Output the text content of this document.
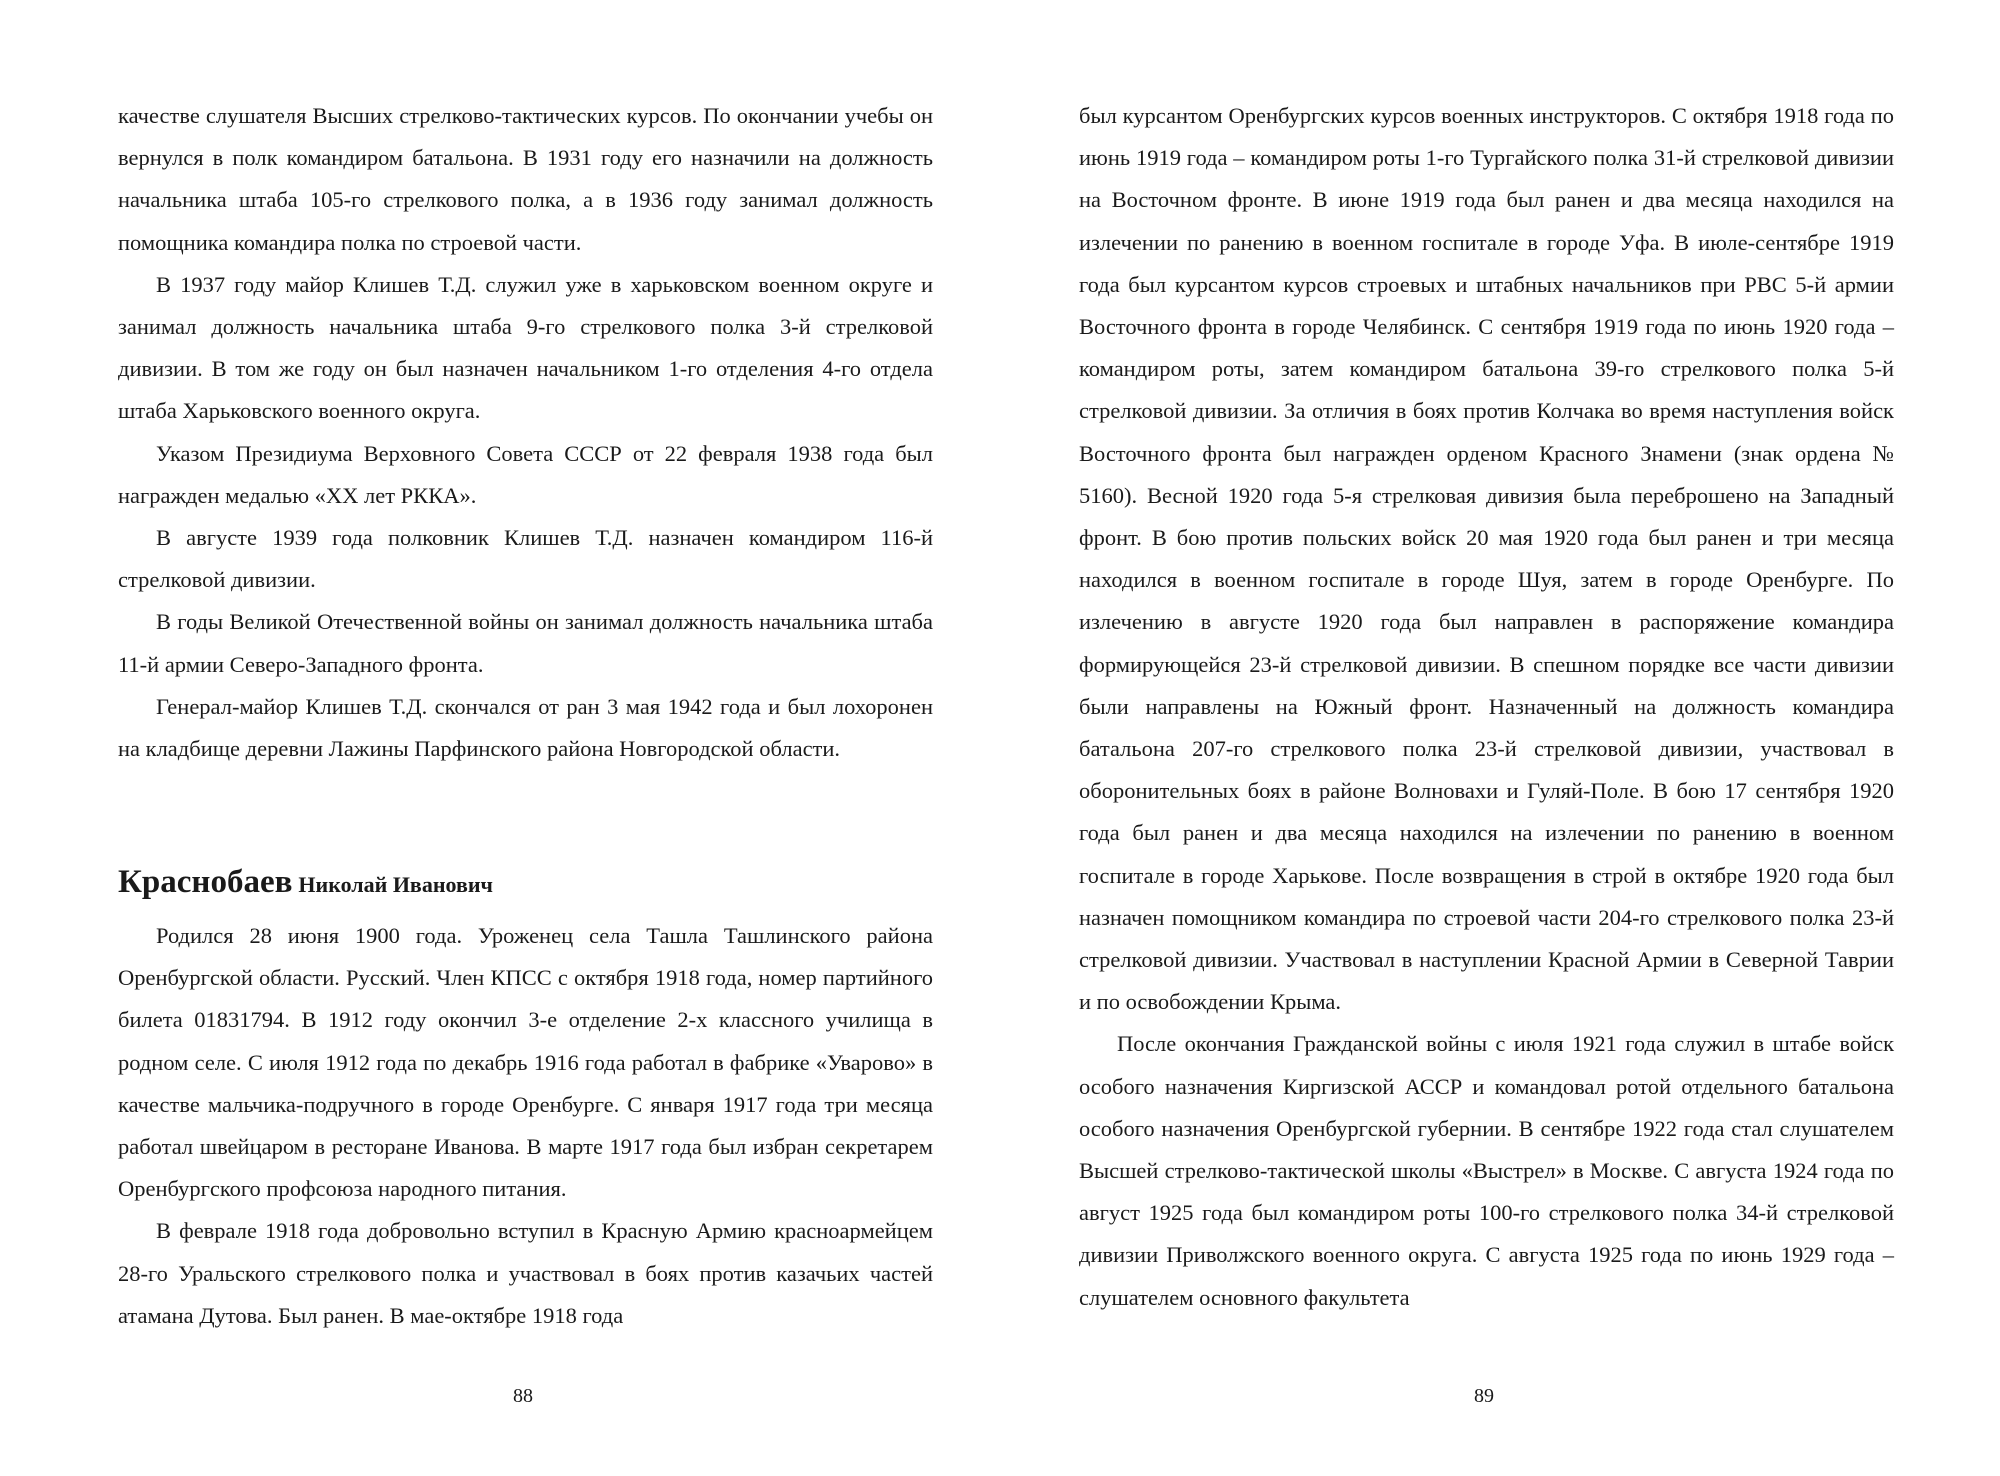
качестве слушателя Высших стрелково-тактических курсов. По окончании учебы он вернулся в полк командиром батальона. В 1931 году его назначили на должность начальника штаба 105-го стрелкового полка, а в 1936 году занимал должность помощника командира полка по строевой части.

В 1937 году майор Клишев Т.Д. служил уже в харьковском военном округе и занимал должность начальника штаба 9-го стрелкового полка 3-й стрелковой дивизии. В том же году он был назначен начальником 1-го отделения 4-го отдела штаба Харьковского военного округа.

Указом Президиума Верховного Совета СССР от 22 февраля 1938 года был награжден медалью «XX лет РККА».

В августе 1939 года полковник Клишев Т.Д. назначен командиром 116-й стрелковой дивизии.

В годы Великой Отечественной войны он занимал должность начальника штаба 11-й армии Северо-Западного фронта.

Генерал-майор Клишев Т.Д. скончался от ран 3 мая 1942 года и был лохоронен на кладбище деревни Лажины Парфинского района Новгородской области.

Краснобаев Николай Иванович

Родился 28 июня 1900 года. Уроженец села Ташла Ташлинского района Оренбургской области. Русский. Член КПСС с октября 1918 года, номер партийного билета 01831794. В 1912 году окончил 3-е отделение 2-х классного училища в родном селе. С июля 1912 года по декабрь 1916 года работал в фабрике «Уварово» в качестве мальчика-подручного в городе Оренбурге. С января 1917 года три месяца работал швейцаром в ресторане Иванова. В марте 1917 года был избран секретарем Оренбургского профсоюза народного питания.

В феврале 1918 года добровольно вступил в Красную Армию красноармейцем 28-го Уральского стрелкового полка и участвовал в боях против казачьих частей атамана Дутова. Был ранен. В мае-октябре 1918 года

88

был курсантом Оренбургских курсов военных инструкторов. С октября 1918 года по июнь 1919 года – командиром роты 1-го Тургайского полка 31-й стрелковой дивизии на Восточном фронте. В июне 1919 года был ранен и два месяца находился на излечении по ранению в военном госпитале в городе Уфа. В июле-сентябре 1919 года был курсантом курсов строевых и штабных начальников при РВС 5-й армии Восточного фронта в городе Челябинск. С сентября 1919 года по июнь 1920 года – командиром роты, затем командиром батальона 39-го стрелкового полка 5-й стрелковой дивизии. За отличия в боях против Колчака во время наступления войск Восточного фронта был награжден орденом Красного Знамени (знак ордена № 5160). Весной 1920 года 5-я стрелковая дивизия была переброшено на Западный фронт. В бою против польских войск 20 мая 1920 года был ранен и три месяца находился в военном госпитале в городе Шуя, затем в городе Оренбурге. По излечению в августе 1920 года был направлен в распоряжение командира формирующейся 23-й стрелковой дивизии. В спешном порядке все части дивизии были направлены на Южный фронт. Назначенный на должность командира батальона 207-го стрелкового полка 23-й стрелковой дивизии, участвовал в оборонительных боях в районе Волновахи и Гуляй-Поле. В бою 17 сентября 1920 года был ранен и два месяца находился на излечении по ранению в военном госпитале в городе Харькове. После возвращения в строй в октябре 1920 года был назначен помощником командира по строевой части 204-го стрелкового полка 23-й стрелковой дивизии. Участвовал в наступлении Красной Армии в Северной Таврии и по освобождении Крыма.

После окончания Гражданской войны с июля 1921 года служил в штабе войск особого назначения Киргизской АССР и командовал ротой отдельного батальона особого назначения Оренбургской губернии. В сентябре 1922 года стал слушателем Высшей стрелково-тактической школы «Выстрел» в Москве. С августа 1924 года по август 1925 года был командиром роты 100-го стрелкового полка 34-й стрелковой дивизии Приволжского военного округа. С августа 1925 года по июнь 1929 года – слушателем основного факультета

89
